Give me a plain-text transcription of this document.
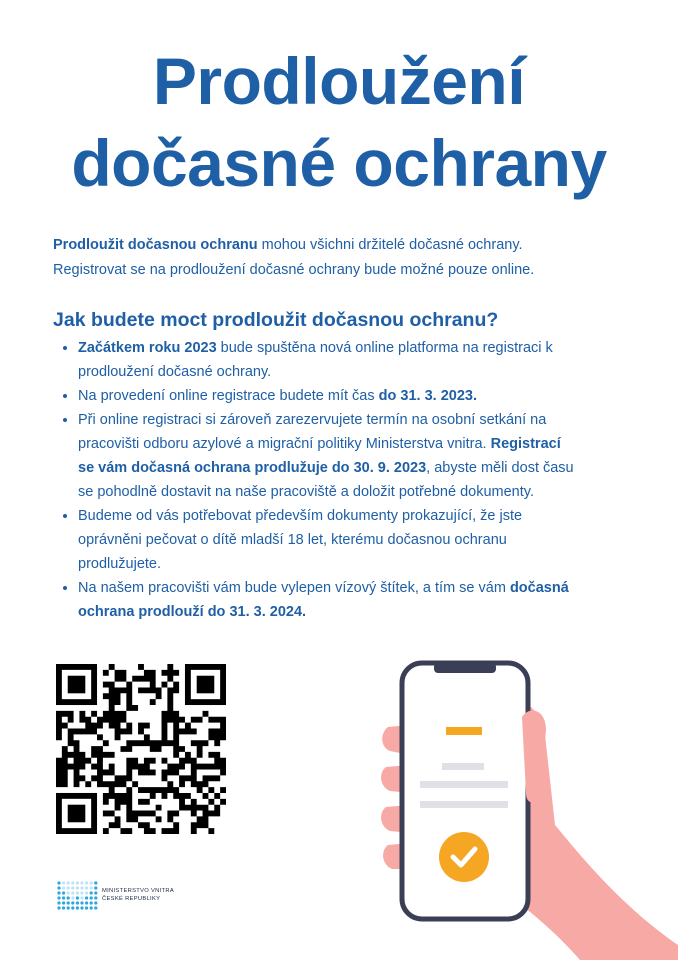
Prodloužení
dočasné ochrany

Prodloužit dočasnou ochranu mohou všichni držitelé dočasné ochrany.

Registrovat se na prodloužení dočasné ochrany bude možné pouze online.

Jak budete moct prodloužit dočasnou ochranu?
Začátkem roku 2023 bude spuštěna nová online platforma na registraci k
prodloužení dočasné ochrany.
Na provedení online registrace budete mít čas do 31. 3. 2023.
Při online registraci si zároveň zarezervujete termín na osobní setkání na
pracovišti odboru azylové a migrační politiky Ministerstva vnitra. Registrací
se vám dočasná ochrana prodlužuje do 30. 9. 2023, abyste měli dost času
se pohodlně dostavit na naše pracoviště a doložit potřebné dokumenty.
Budeme od vás potřebovat především dokumenty prokazující, že jste
oprávněni pečovat o dítě mladší 18 let, kterému dočasnou ochranu
prodlužujete.
Na našem pracovišti vám bude vylepen vízový štítek, a tím se vám dočasná
ochrana prodlouží do 31. 3. 2024.
MINISTERSTVO VNITRA
ČESKÉ REPUBLIKY
